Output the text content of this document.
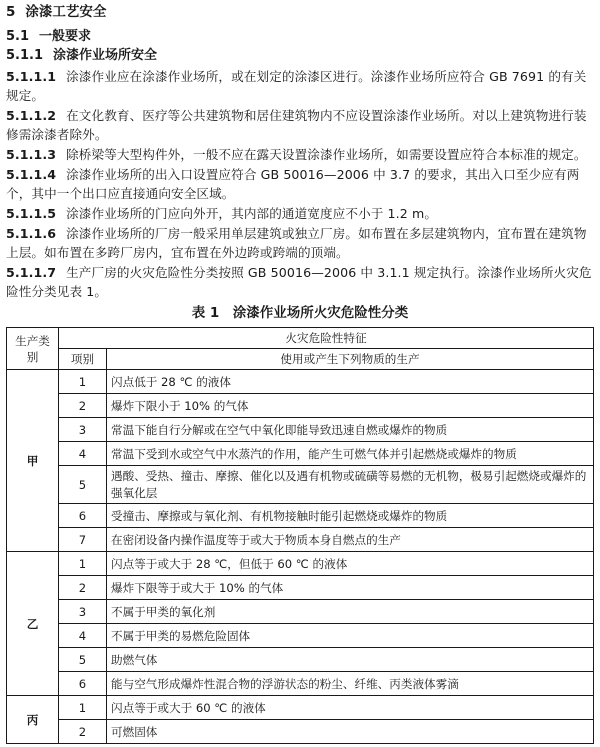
5 涂漆工艺安全
5.1 一般要求
5.1.1 涂漆作业场所安全

5.1.1.1 涂漆作业应在涂漆作业场所，或在划定的涂漆区进行。涂漆作业场所应符合 GB 7691 的有关规定。

5.1.1.2 在文化教育、医疗等公共建筑物和居住建筑物内不应设置涂漆作业场所。对以上建筑物进行装修需涂漆者除外。

5.1.1.3 除桥梁等大型构件外，一般不应在露天设置涂漆作业场所，如需要设置应符合本标准的规定。

5.1.1.4 涂漆作业场所的出入口设置应符合 GB 50016—2006 中 3.7 的要求，其出入口至少应有两个，其中一个出口应直接通向安全区域。

5.1.1.5 涂漆作业场所的门应向外开，其内部的通道宽度应不小于 1.2 m。

5.1.1.6 涂漆作业场所的厂房一般采用单层建筑或独立厂房。如布置在多层建筑物内，宜布置在建筑物上层。如布置在多跨厂房内，宜布置在外边跨或跨端的顶端。

5.1.1.7 生产厂房的火灾危险性分类按照 GB 50016—2006 中 3.1.1 规定执行。涂漆作业场所火灾危险性分类见表 1。

表 1　涂漆作业场所火灾危险性分类
生产类别	火灾危险性特征	
	项别	使用或产生下列物质的生产
甲	1	闪点低于 28 ℃ 的液体
	2	爆炸下限小于 10% 的气体
	3	常温下能自行分解或在空气中氧化即能导致迅速自燃或爆炸的物质
	4	常温下受到水或空气中水蒸汽的作用，能产生可燃气体并引起燃烧或爆炸的物质
	5	遇酸、受热、撞击、摩擦、催化以及遇有机物或硫磺等易燃的无机物，极易引起燃烧或爆炸的强氧化层
	6	受撞击、摩擦或与氧化剂、有机物接触时能引起燃烧或爆炸的物质
	7	在密闭设备内操作温度等于或大于物质本身自燃点的生产
乙	1	闪点等于或大于 28 ℃，但低于 60 ℃ 的液体
	2	爆炸下限等于或大于 10% 的气体
	3	不属于甲类的氧化剂
	4	不属于甲类的易燃危险固体
	5	助燃气体
	6	能与空气形成爆炸性混合物的浮游状态的粉尘、纤维、丙类液体雾滴
丙	1	闪点等于或大于 60 ℃ 的液体
	2	可燃固体
